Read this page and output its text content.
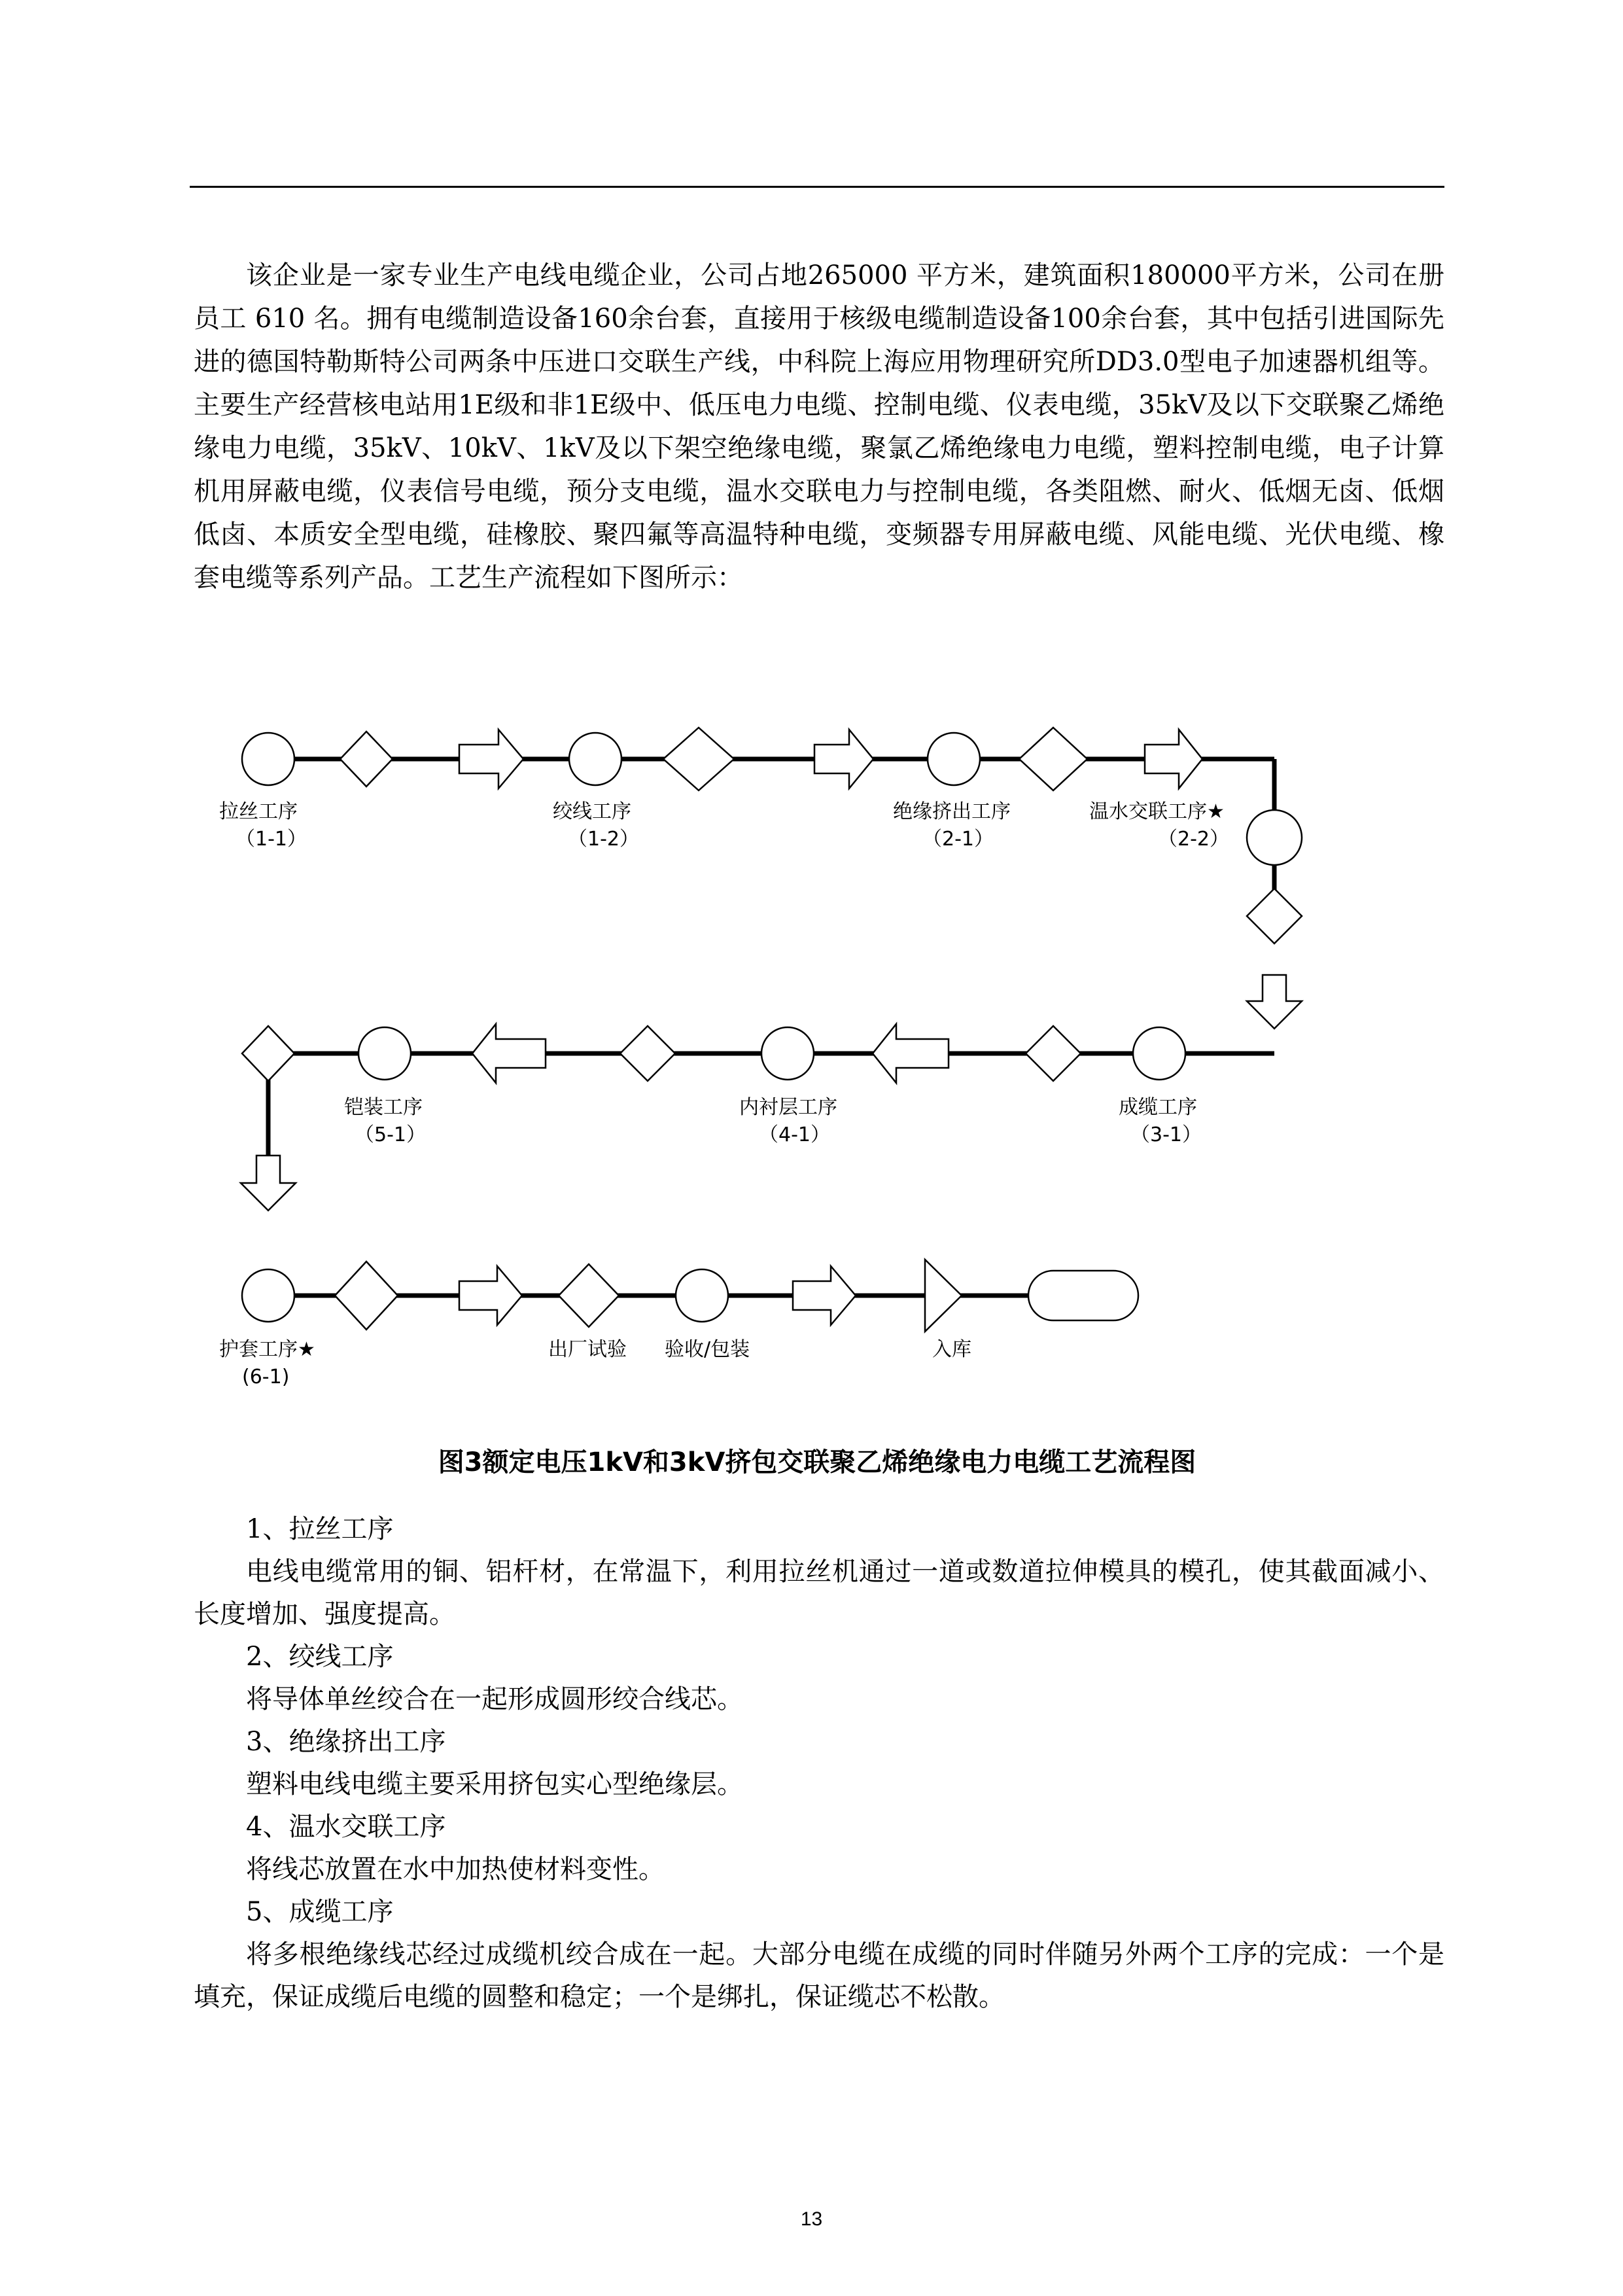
该企业是一家专业生产电线电缆企业，公司占地265000 平方米，建筑面积180000平方米，公司在册员工 610 名。拥有电缆制造设备160余台套，直接用于核级电缆制造设备100余台套，其中包括引进国际先进的德国特勒斯特公司两条中压进口交联生产线，中科院上海应用物理研究所DD3.0型电子加速器机组等。主要生产经营核电站用1E级和非1E级中、低压电力电缆、控制电缆、仪表电缆，35kV及以下交联聚乙烯绝缘电力电缆，35kV、10kV、1kV及以下架空绝缘电缆，聚氯乙烯绝缘电力电缆，塑料控制电缆，电子计算机用屏蔽电缆，仪表信号电缆，预分支电缆，温水交联电力与控制电缆，各类阻燃、耐火、低烟无卤、低烟低卤、本质安全型电缆，硅橡胶、聚四氟等高温特种电缆，变频器专用屏蔽电缆、风能电缆、光伏电缆、橡套电缆等系列产品。工艺生产流程如下图所示：

拉丝工序
（1-1）
绞线工序
（1-2）
绝缘挤出工序
（2-1）
温水交联工序★
（2-2）
成缆工序
（3-1）
内衬层工序
（4-1）
铠装工序
（5-1）
护套工序★
(6-1)
出厂试验 验收/包装	入库
图3额定电压1kV和3kV挤包交联聚乙烯绝缘电力电缆工艺流程图

1、拉丝工序

电线电缆常用的铜、铝杆材，在常温下，利用拉丝机通过一道或数道拉伸模具的模孔，使其截面减小、长度增加、强度提高。

2、绞线工序

将导体单丝绞合在一起形成圆形绞合线芯。

3、绝缘挤出工序

塑料电线电缆主要采用挤包实心型绝缘层。

4、温水交联工序

将线芯放置在水中加热使材料变性。

5、成缆工序

将多根绝缘线芯经过成缆机绞合成在一起。大部分电缆在成缆的同时伴随另外两个工序的完成：一个是填充，保证成缆后电缆的圆整和稳定；一个是绑扎，保证缆芯不松散。

13
